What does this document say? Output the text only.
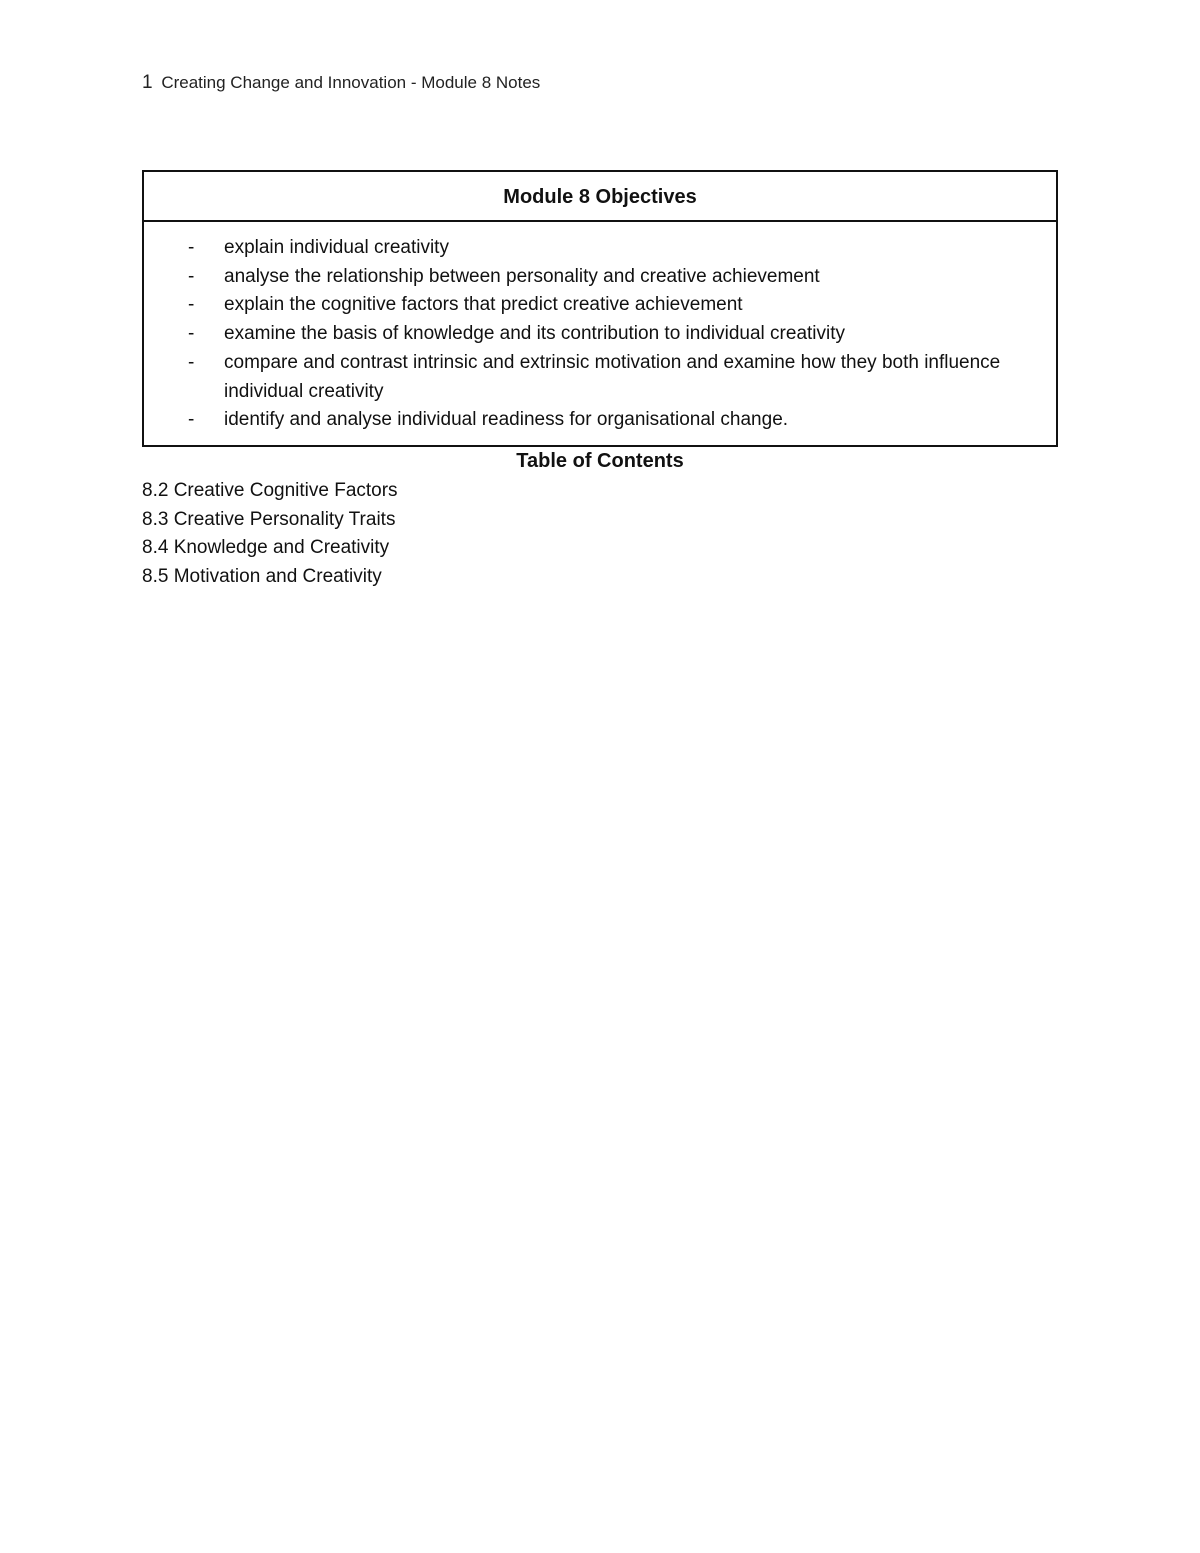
1 Creating Change and Innovation - Module 8 Notes
Module 8 Objectives
- explain individual creativity
- analyse the relationship between personality and creative achievement
- explain the cognitive factors that predict creative achievement
- examine the basis of knowledge and its contribution to individual creativity
- compare and contrast intrinsic and extrinsic motivation and examine how they both influence individual creativity
- identify and analyse individual readiness for organisational change.
Table of Contents
8.2 Creative Cognitive Factors
8.3 Creative Personality Traits
8.4 Knowledge and Creativity
8.5 Motivation and Creativity
